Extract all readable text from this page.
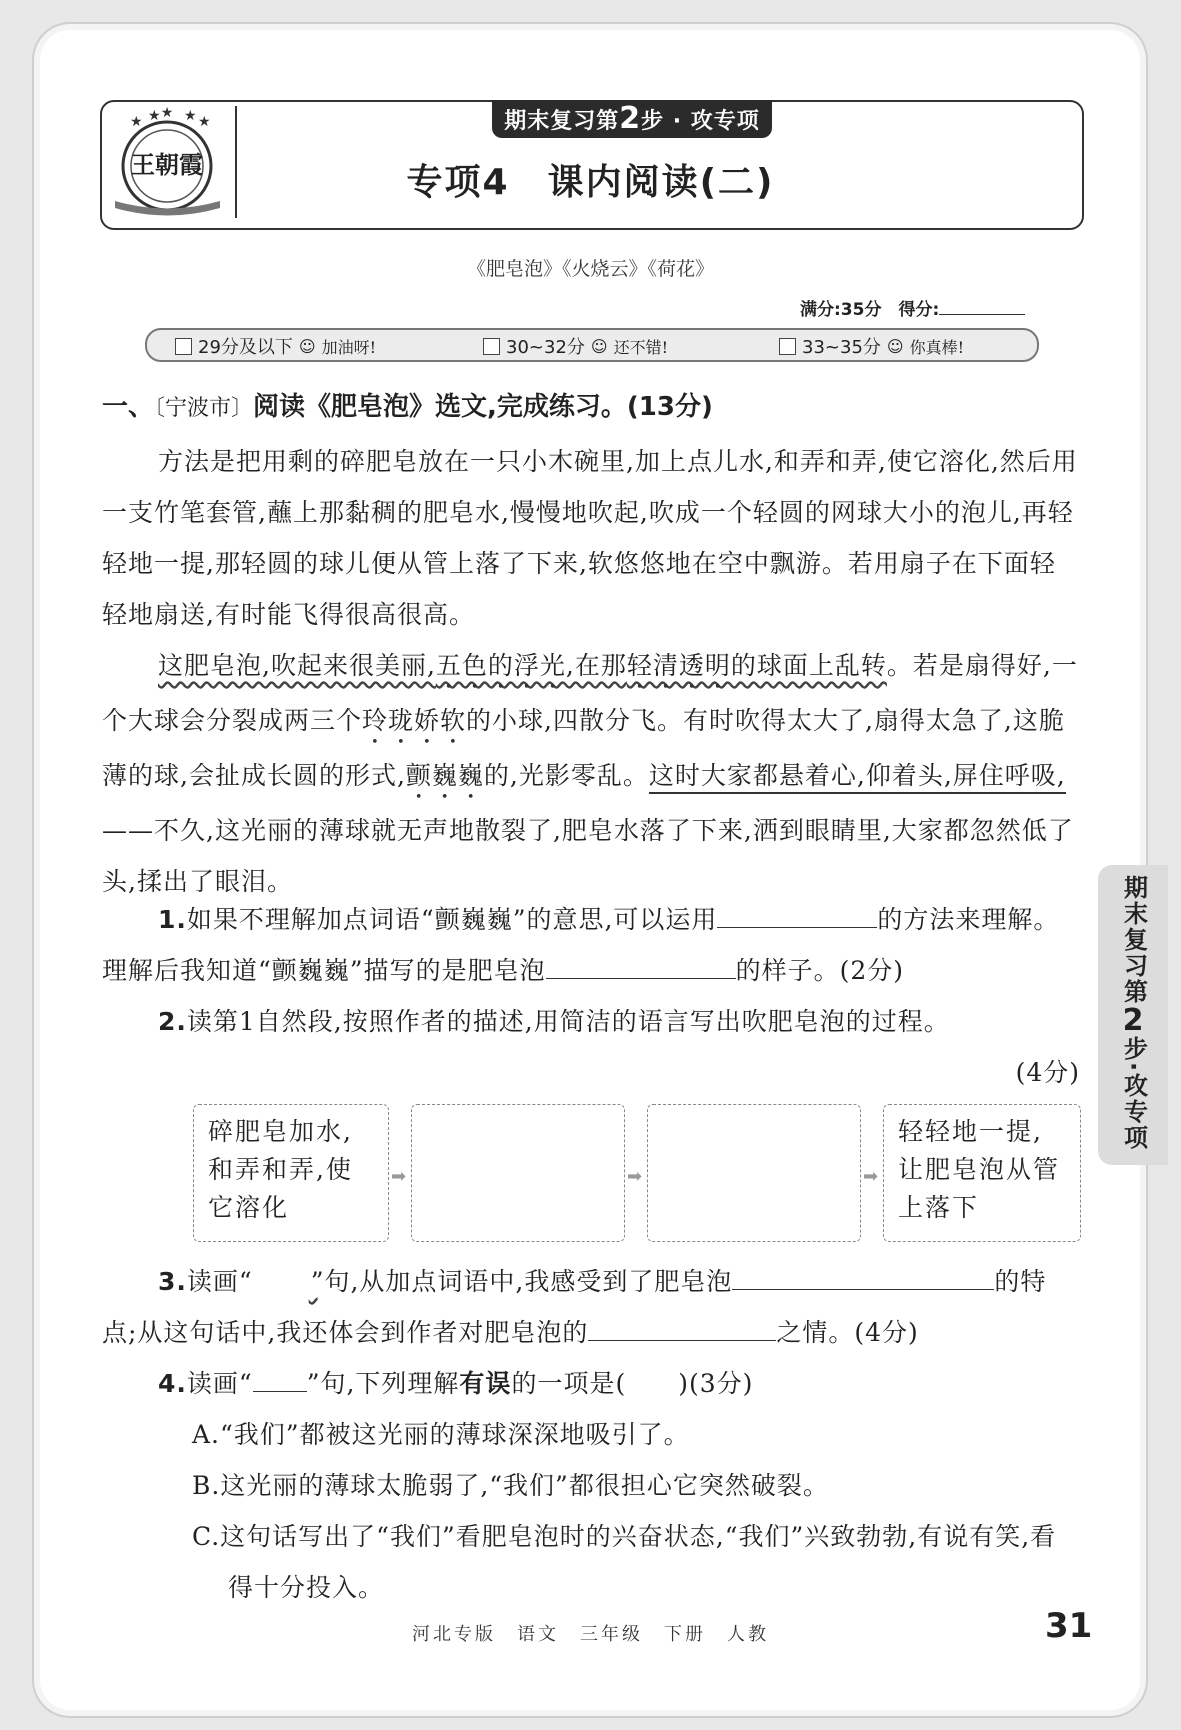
王朝霞
★ ★ ★ ★ ★	期末复习第2步 · 攻专项
专项4　课内阅读(二)
《肥皂泡》《火烧云》《荷花》
满分:35分　 得分:
29分及以下 ☺ 加油呀!	30~32分 ☺ 还不错!	33~35分 ☺ 你真棒!
一、〔宁波市〕阅读《肥皂泡》选文,完成练习。(13分)
方法是把用剩的碎肥皂放在一只小木碗里,加上点儿水,和弄和弄,使它溶化,然后用一支竹笔套管,蘸上那黏稠的肥皂水,慢慢地吹起,吹成一个轻圆的网球大小的泡儿,再轻轻地一提,那轻圆的球儿便从管上落了下来,软悠悠地在空中飘游。若用扇子在下面轻轻地扇送,有时能飞得很高很高。
这肥皂泡,吹起来很美丽,五色的浮光,在那轻清透明的球面上乱转。若是扇得好,一个大球会分裂成两三个玲珑娇软的小球,四散分飞。有时吹得太大了,扇得太急了,这脆薄的球,会扯成长圆的形式,颤巍巍的,光影零乱。这时大家都悬着心,仰着头,屏住呼吸,——不久,这光丽的薄球就无声地散裂了,肥皂水落了下来,洒到眼睛里,大家都忽然低了头,揉出了眼泪。
1.如果不理解加点词语“颤巍巍”的意思,可以运用	的方法来理解。理解后我知道“颤巍巍”描写的是肥皂泡	的样子。(2分)
2.读第1自然段,按照作者的描述,用简洁的语言写出吹肥皂泡的过程。
(4分)
碎肥皂加水,和弄和弄,使它溶化
➡	➡	➡
轻轻地一提,让肥皂泡从管上落下
3.读画“ ”句,从加点词语中,我感受到了肥皂泡	的特点;从这句话中,我还体会到作者对肥皂泡的	之情。(4分)
4.读画“ ”句,下列理解有误的一项是(　　)(3分)
A.“我们”都被这光丽的薄球深深地吸引了。
B.这光丽的薄球太脆弱了,“我们”都很担心它突然破裂。
C.这句话写出了“我们”看肥皂泡时的兴奋状态,“我们”兴致勃勃,有说有笑,看得十分投入。
期末复习第
2
步·攻专项
河北专版　语文　三年级　下册　人教	31
